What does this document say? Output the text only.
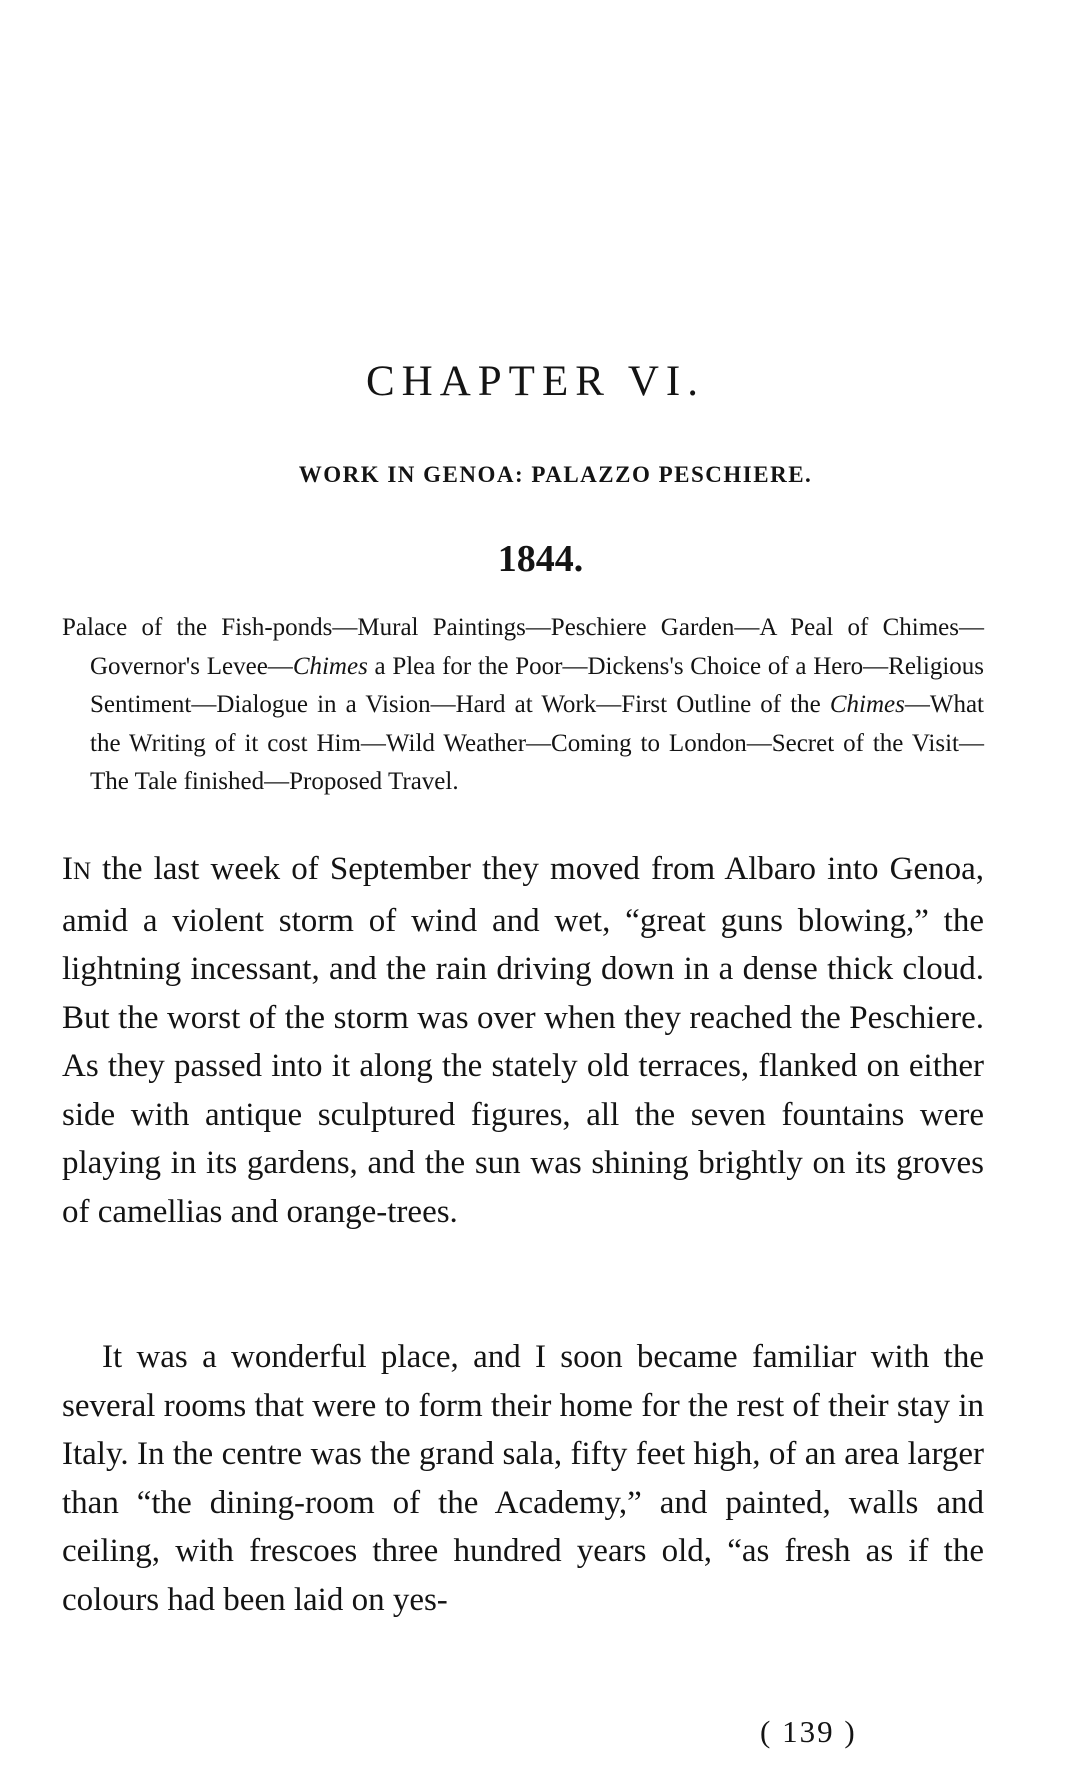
CHAPTER VI.
WORK IN GENOA: PALAZZO PESCHIERE.
1844.

Palace of the Fish-ponds—Mural Paintings—Peschiere Garden—A Peal of Chimes—Governor's Levee—Chimes a Plea for the Poor—Dickens's Choice of a Hero—Religious Sentiment—Dialogue in a Vision—Hard at Work—First Outline of the Chimes—What the Writing of it cost Him—Wild Weather—Coming to London—Secret of the Visit—The Tale finished—Proposed Travel.

IN the last week of September they moved from Albaro into Genoa, amid a violent storm of wind and wet, “great guns blowing,” the lightning incessant, and the rain driving down in a dense thick cloud. But the worst of the storm was over when they reached the Peschiere. As they passed into it along the stately old terraces, flanked on either side with antique sculptured figures, all the seven fountains were playing in its gardens, and the sun was shining brightly on its groves of camellias and orange-trees.

It was a wonderful place, and I soon became familiar with the several rooms that were to form their home for the rest of their stay in Italy. In the centre was the grand sala, fifty feet high, of an area larger than “the dining-room of the Academy,” and painted, walls and ceiling, with frescoes three hundred years old, “as fresh as if the colours had been laid on yes-

( 139 )
